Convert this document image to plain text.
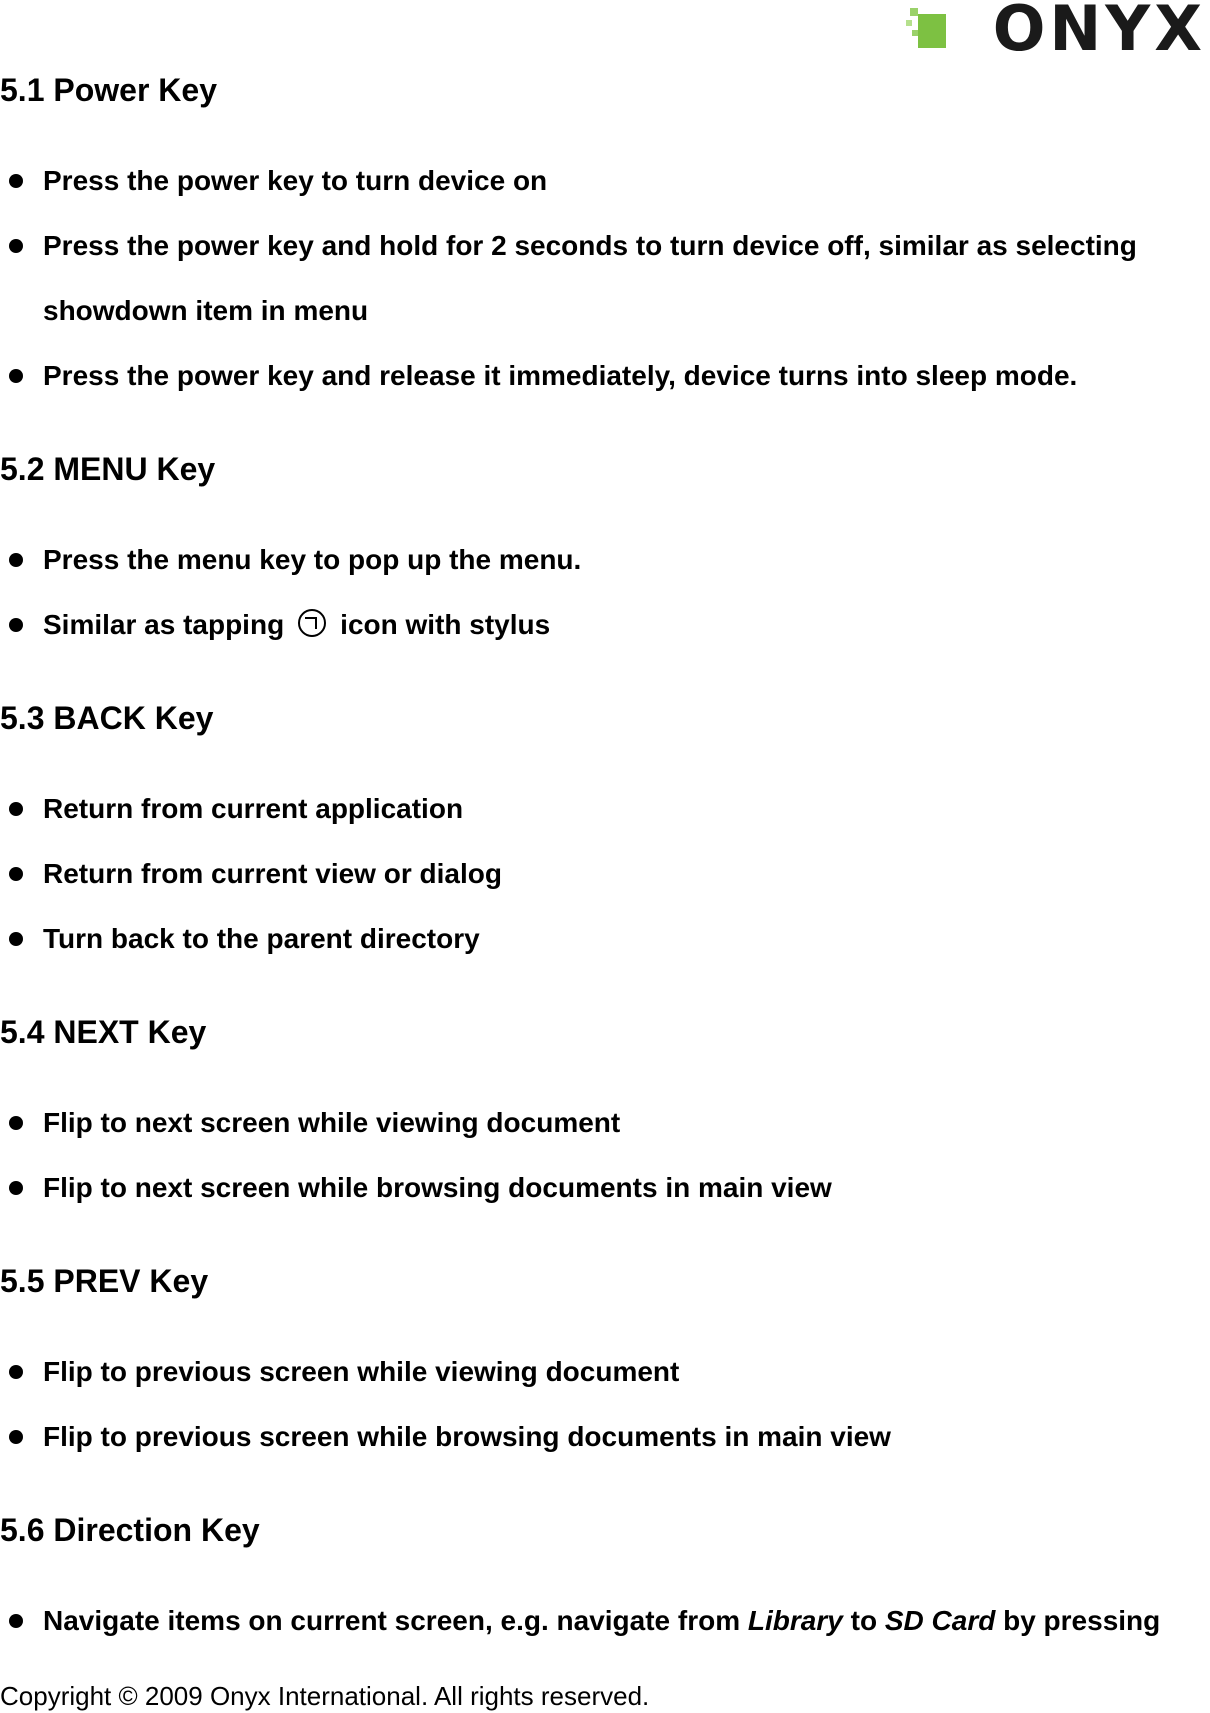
ONYX
5.1 Power Key
Press the power key to turn device on
Press the power key and hold for 2 seconds to turn device off, similar as selecting
showdown item in menu
Press the power key and release it immediately, device turns into sleep mode.
5.2 MENU Key
Press the menu key to pop up the menu.
Similar as tapping icon with stylus
5.3 BACK Key
Return from current application
Return from current view or dialog
Turn back to the parent directory
5.4 NEXT Key
Flip to next screen while viewing document
Flip to next screen while browsing documents in main view
5.5 PREV Key
Flip to previous screen while viewing document
Flip to previous screen while browsing documents in main view
5.6 Direction Key
Navigate items on current screen, e.g. navigate from Library to SD Card by pressing
Copyright © 2009 Onyx International. All rights reserved.
